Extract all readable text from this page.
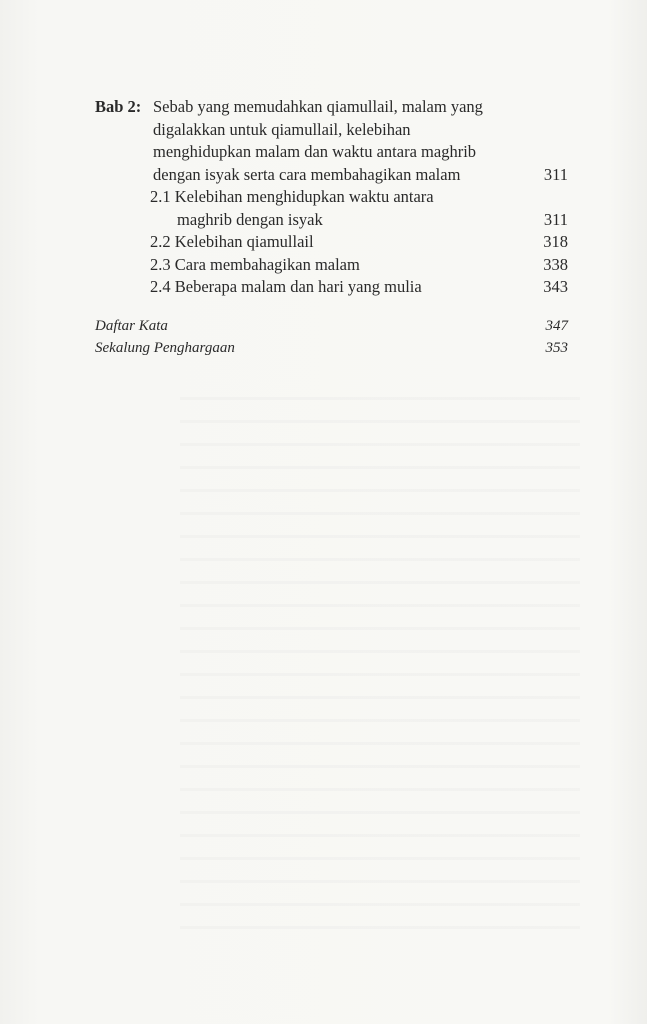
Bab 2: Sebab yang memudahkan qiamullail, malam yang
digalakkan untuk qiamullail, kelebihan
menghidupkan malam dan waktu antara maghrib
dengan isyak serta cara membahagikan malam	311
2.1 Kelebihan menghidupkan waktu antara
maghrib dengan isyak	311
2.2 Kelebihan qiamullail	318
2.3 Cara membahagikan malam	338
2.4 Beberapa malam dan hari yang mulia	343
Daftar Kata	347
Sekalung Penghargaan	353
